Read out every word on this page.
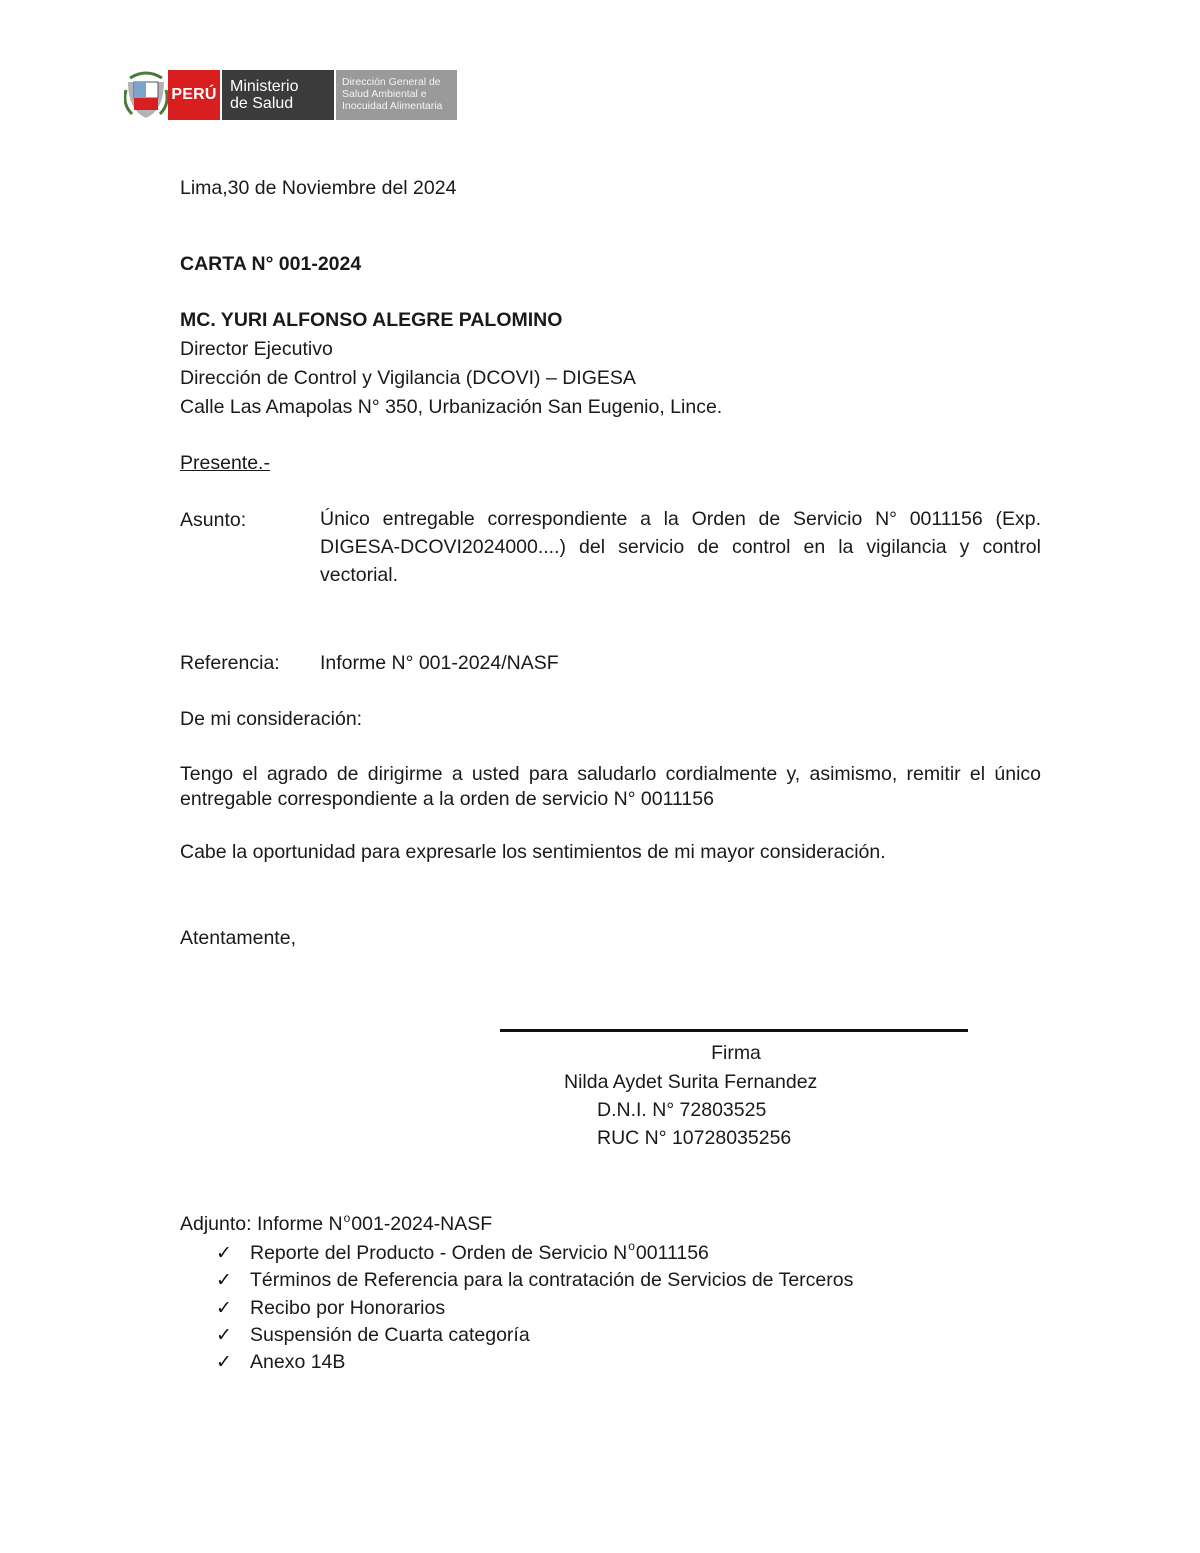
PERÚ Ministerio
de Salud
Dirección General de
Salud Ambiental e
Inocuidad Alimentaria
Lima,30 de Noviembre del 2024
CARTA N° 001-2024
MC. YURI ALFONSO ALEGRE PALOMINO
Director Ejecutivo
Dirección de Control y Vigilancia (DCOVI) – DIGESA
Calle Las Amapolas N° 350, Urbanización San Eugenio, Lince.
Presente.-
Asunto:	Único entregable correspondiente a la Orden de Servicio N° 0011156 (Exp. DIGESA-DCOVI2024000....) del servicio de control en la vigilancia y control vectorial.
Referencia: Informe N° 001-2024/NASF
De mi consideración:
Tengo el agrado de dirigirme a usted para saludarlo cordialmente y, asimismo, remitir el único entregable correspondiente a la orden de servicio N° 0011156
Cabe la oportunidad para expresarle los sentimientos de mi mayor consideración.
Atentamente,
Firma
Nilda Aydet Surita Fernandez
D.N.I. N° 72803525
RUC N° 10728035256
Adjunto: Informe $N^o001-2024$-NASF
✓ Reporte del Producto - Orden de Servicio N o 0011156
✓ Términos de Referencia para la contratación de Servicios de Terceros
✓ Recibo por Honorarios
✓ Suspensión de Cuarta categoría
✓ Anexo 14B
